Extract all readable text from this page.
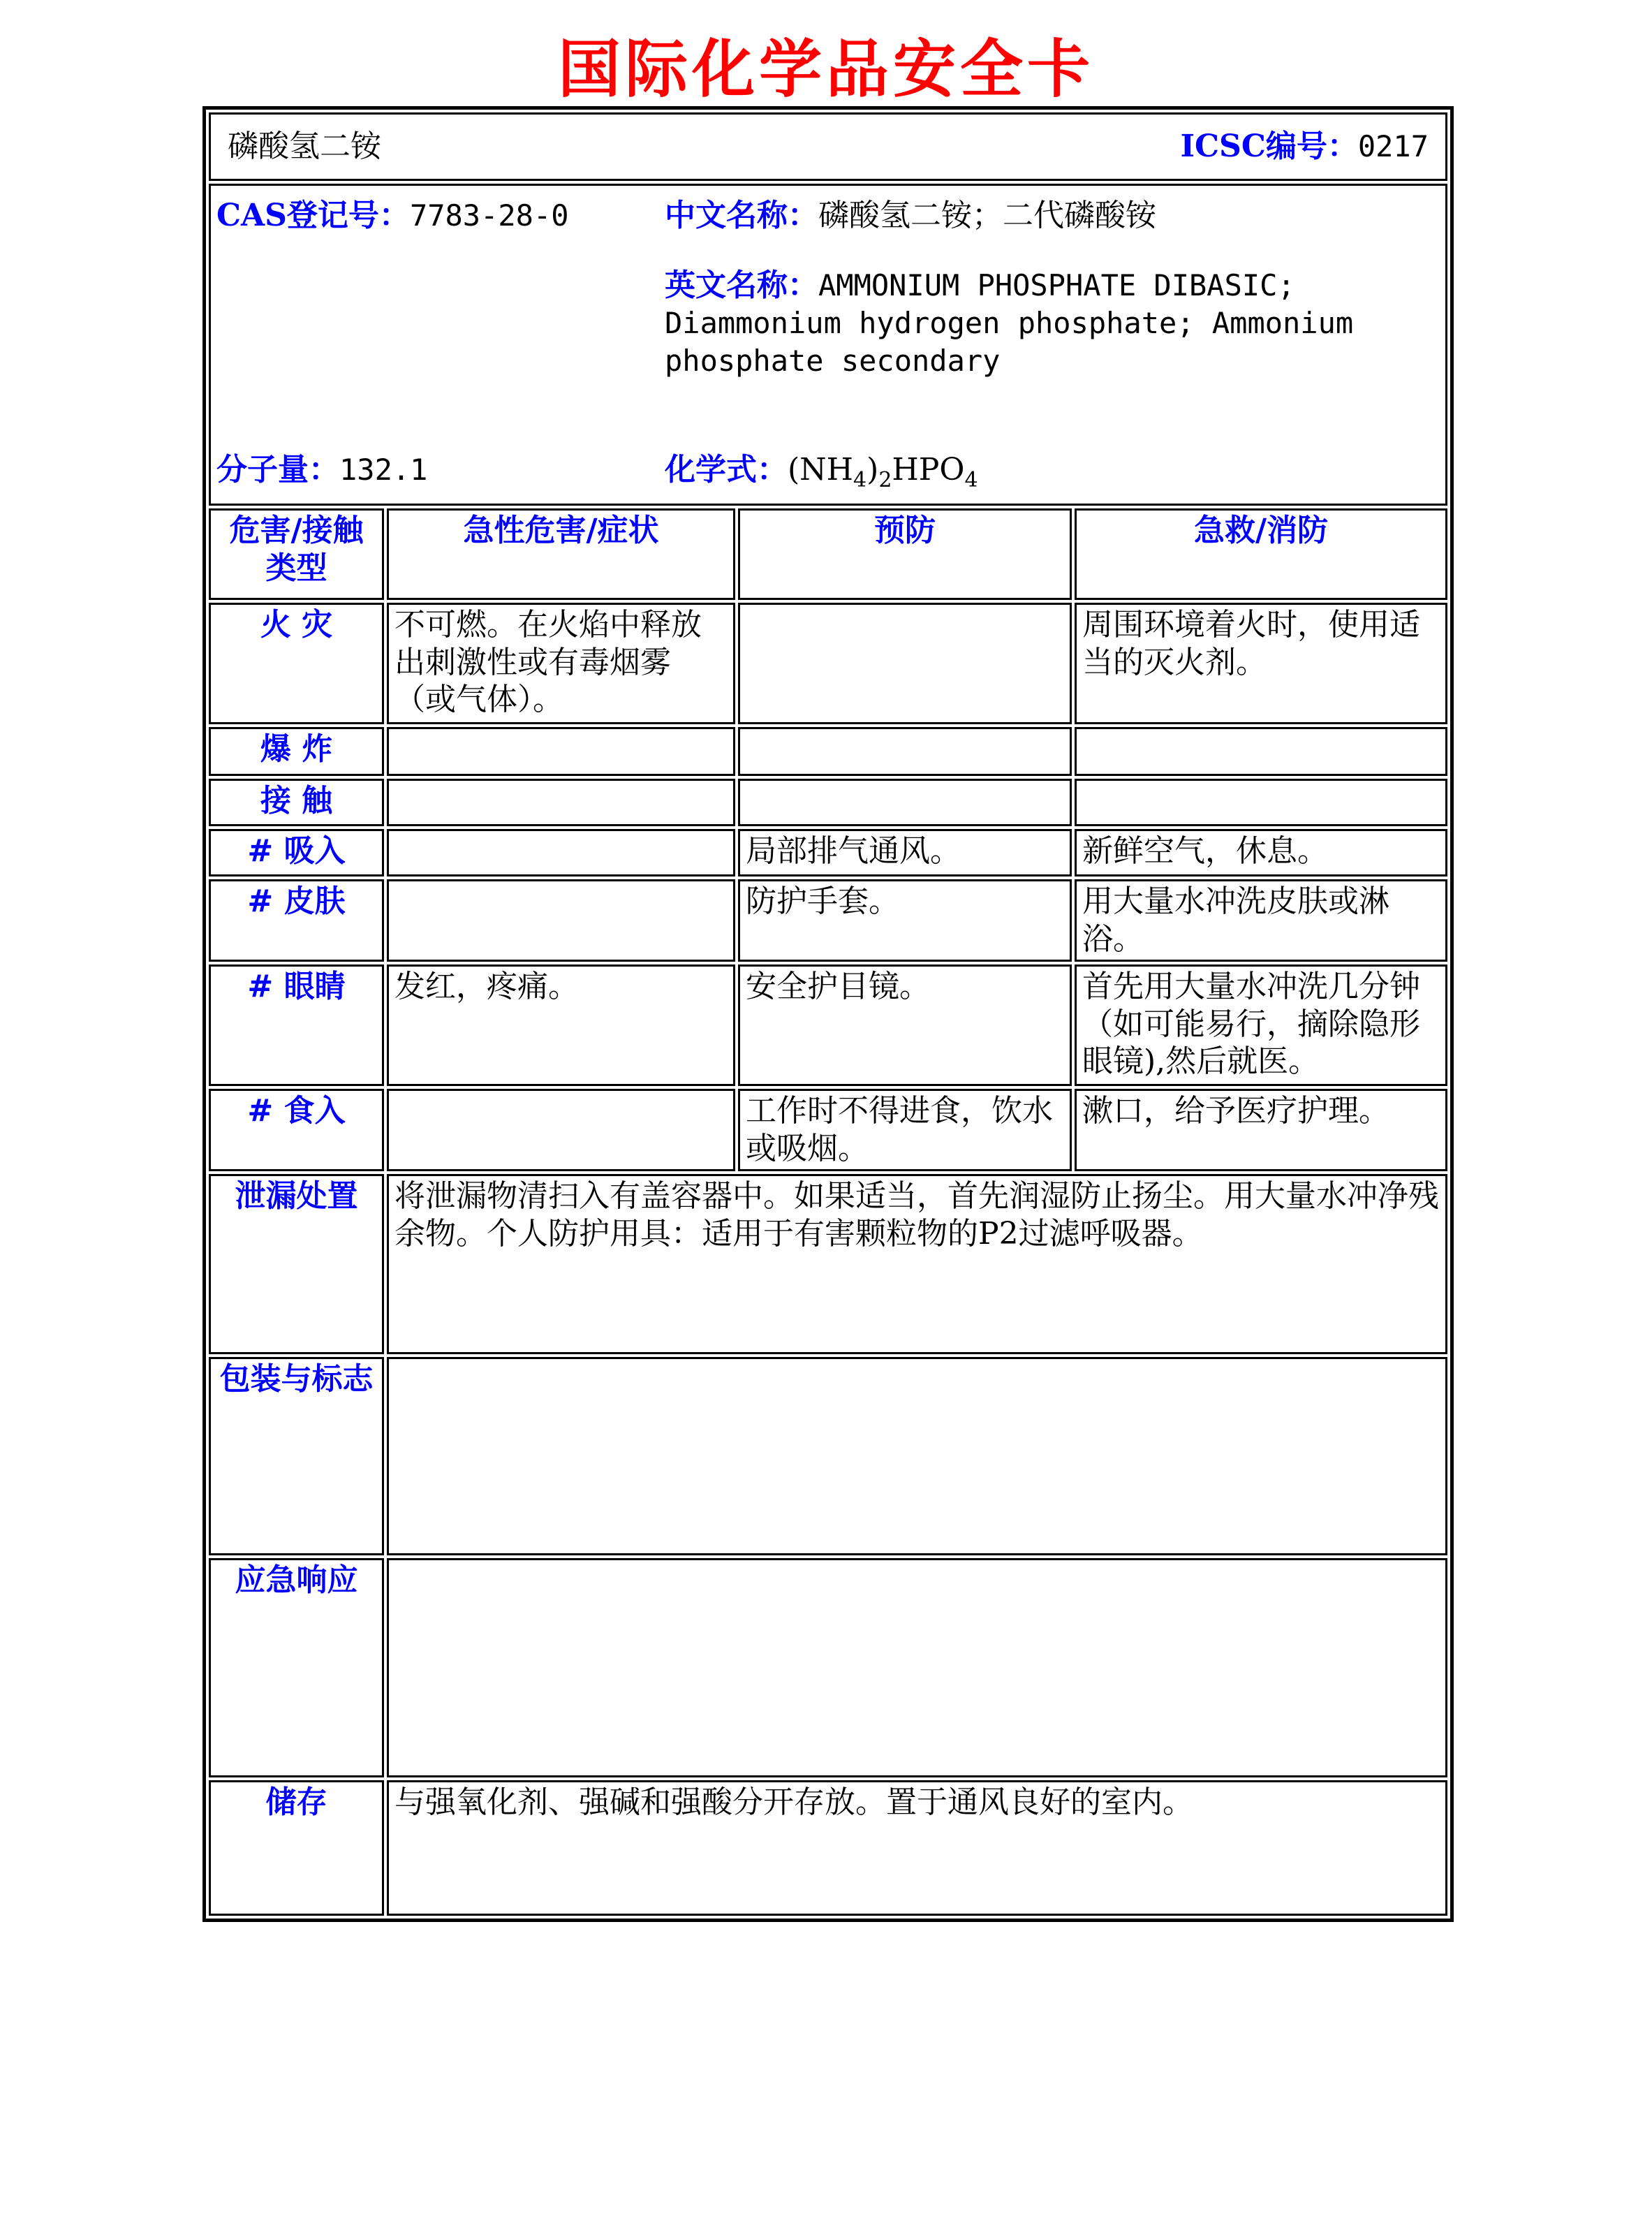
国际化学品安全卡
磷酸氢二铵 ICSC编号：0217			

CAS登记号：7783-28-0 中文名称：磷酸氢二铵；二代磷酸铵
英文名称：AMMONIUM PHOSPHATE DIBASIC; Diammonium hydrogen phosphate; Ammonium phosphate secondary
分子量：132.1 化学式：$(NH_4)_2HPO_4$

危害/接触类型	急性危害/症状	预防	急救/消防
火 灾	不可燃。在火焰中释放出刺激性或有毒烟雾（或气体）。		周围环境着火时，使用适当的灭火剂。
爆 炸			
接 触			
# 吸入		局部排气通风。	新鲜空气，休息。
# 皮肤		防护手套。	用大量水冲洗皮肤或淋浴。
# 眼睛	发红，疼痛。	安全护目镜。	首先用大量水冲洗几分钟（如可能易行，摘除隐形眼镜),然后就医。
# 食入		工作时不得进食，饮水或吸烟。	漱口，给予医疗护理。
泄漏处置	将泄漏物清扫入有盖容器中。如果适当，首先润湿防止扬尘。用大量水冲净残余物。个人防护用具：适用于有害颗粒物的P2过滤呼吸器。		
包装与标志			
应急响应			
储存	与强氧化剂、强碱和强酸分开存放。置于通风良好的室内。		
